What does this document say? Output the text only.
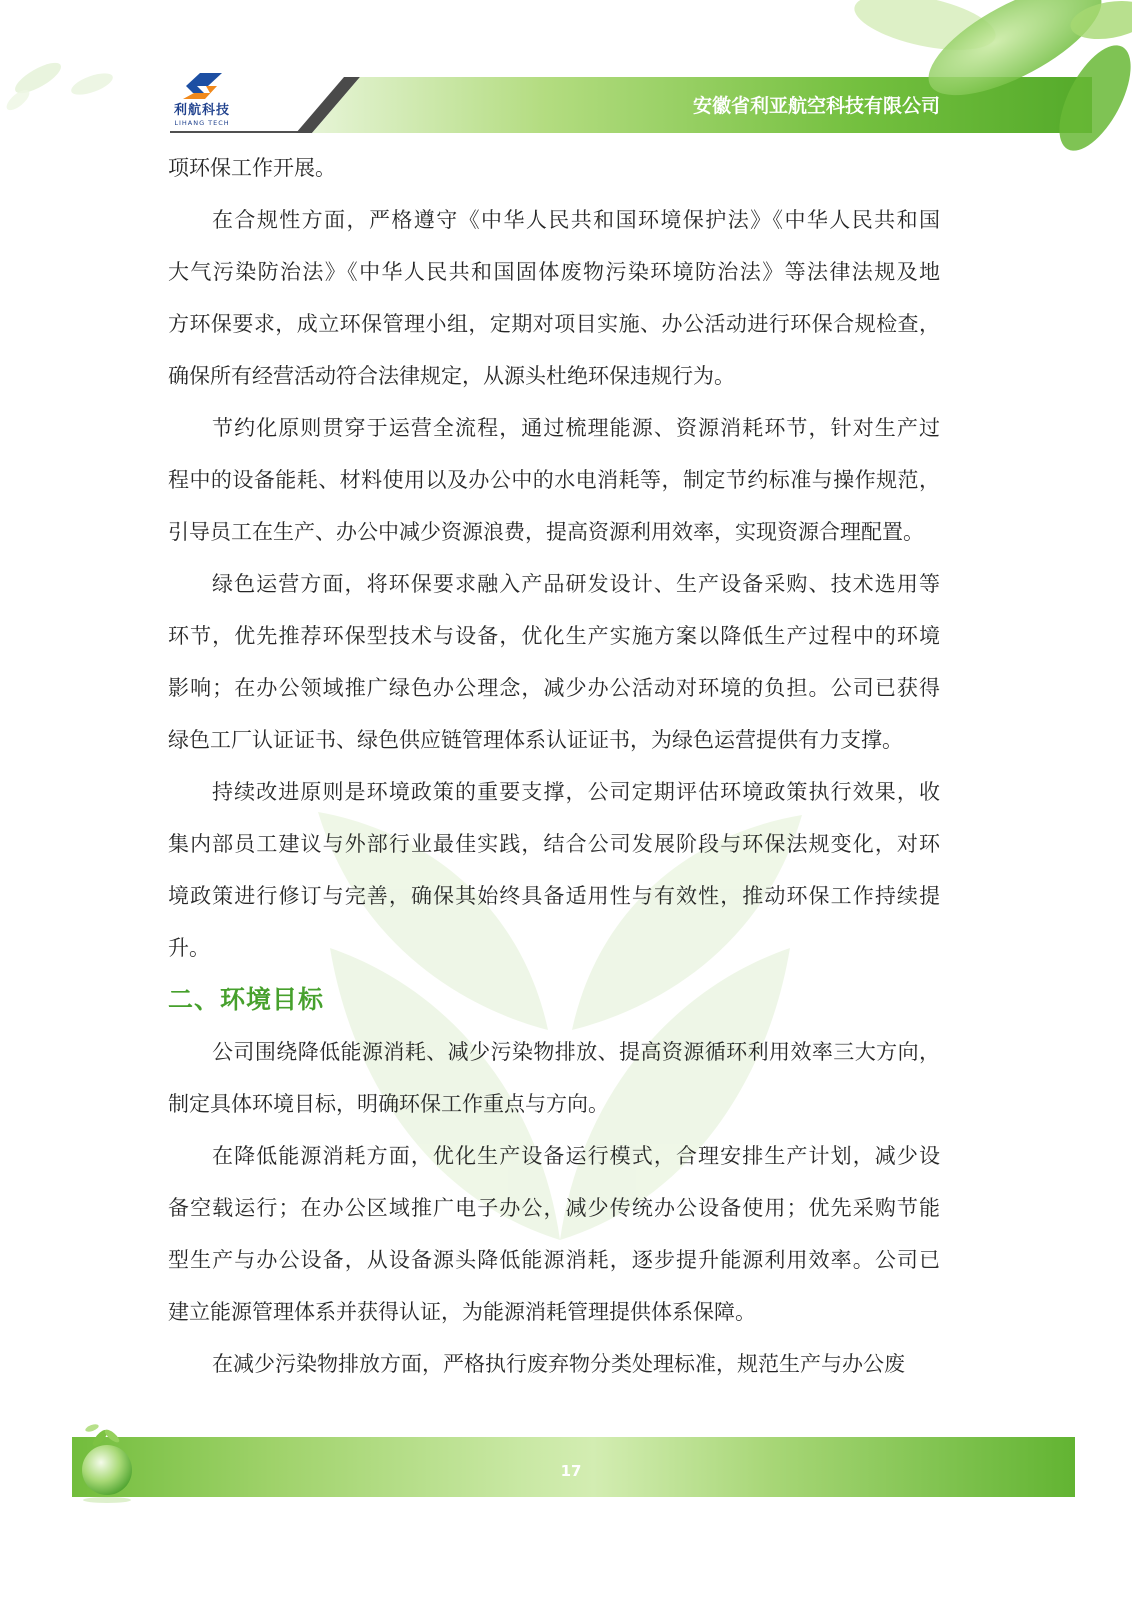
利航科技
LIHANG TECH
安徽省利亚航空科技有限公司
项环保工作开展。
在合规性方面，严格遵守《中华人民共和国环境保护法》《中华人民共和国
大气污染防治法》《中华人民共和国固体废物污染环境防治法》等法律法规及地
方环保要求，成立环保管理小组，定期对项目实施、办公活动进行环保合规检查，
确保所有经营活动符合法律规定，从源头杜绝环保违规行为。
节约化原则贯穿于运营全流程，通过梳理能源、资源消耗环节，针对生产过
程中的设备能耗、材料使用以及办公中的水电消耗等，制定节约标准与操作规范，
引导员工在生产、办公中减少资源浪费，提高资源利用效率，实现资源合理配置。
绿色运营方面，将环保要求融入产品研发设计、生产设备采购、技术选用等
环节，优先推荐环保型技术与设备，优化生产实施方案以降低生产过程中的环境
影响；在办公领域推广绿色办公理念，减少办公活动对环境的负担。公司已获得
绿色工厂认证证书、绿色供应链管理体系认证证书，为绿色运营提供有力支撑。
持续改进原则是环境政策的重要支撑，公司定期评估环境政策执行效果，收
集内部员工建议与外部行业最佳实践，结合公司发展阶段与环保法规变化，对环
境政策进行修订与完善，确保其始终具备适用性与有效性，推动环保工作持续提
升。
二、环境目标
公司围绕降低能源消耗、减少污染物排放、提高资源循环利用效率三大方向，
制定具体环境目标，明确环保工作重点与方向。
在降低能源消耗方面，优化生产设备运行模式，合理安排生产计划，减少设
备空载运行；在办公区域推广电子办公，减少传统办公设备使用；优先采购节能
型生产与办公设备，从设备源头降低能源消耗，逐步提升能源利用效率。公司已
建立能源管理体系并获得认证，为能源消耗管理提供体系保障。
在减少污染物排放方面，严格执行废弃物分类处理标准，规范生产与办公废
17
